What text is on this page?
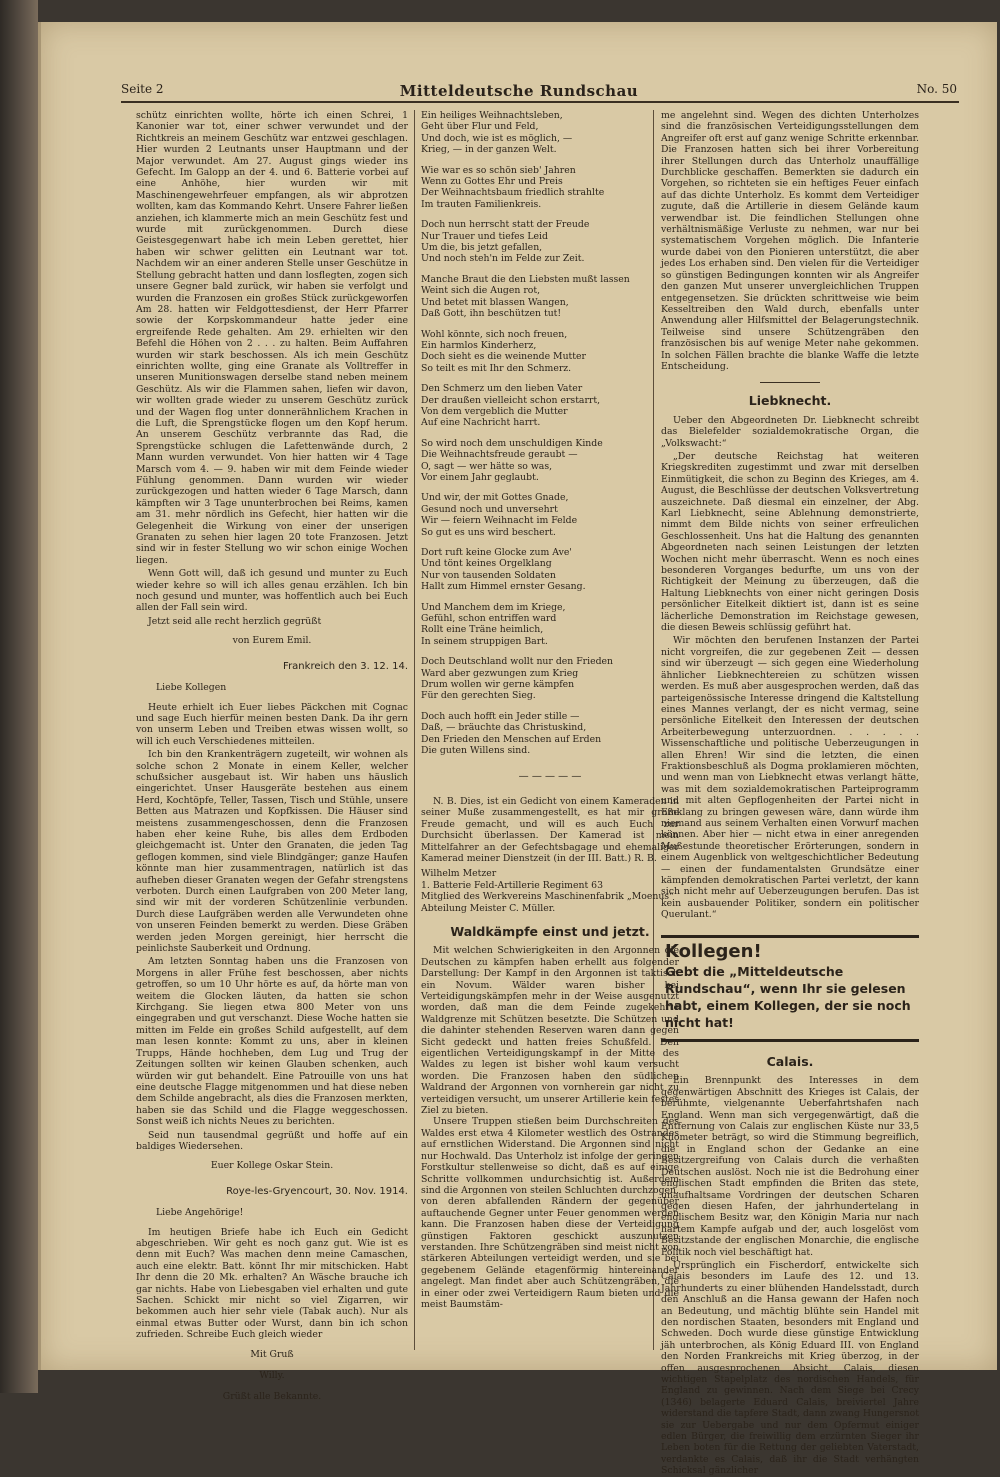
Seite 2	Mitteldeutsche Rundschau	No. 50

schütz einrichten wollte, hörte ich einen Schrei, 1 Kanonier war tot, einer schwer verwundet und der Richtkreis an meinem Geschütz war entzwei geschlagen. Hier wurden 2 Leutnants unser Hauptmann und der Major verwundet. Am 27. August gings wieder ins Gefecht. Im Galopp an der 4. und 6. Batterie vorbei auf eine Anhöhe, hier wurden wir mit Maschinengewehrfeuer empfangen, als wir abprotzen wollten, kam das Kommando Kehrt. Unsere Fahrer ließen anziehen, ich klammerte mich an mein Geschütz fest und wurde mit zurückgenommen. Durch diese Geistesgegenwart habe ich mein Leben gerettet, hier haben wir schwer gelitten ein Leutnant war tot. Nachdem wir an einer anderen Stelle unser Geschütze in Stellung gebracht hatten und dann losflegten, zogen sich unsere Gegner bald zurück, wir haben sie verfolgt und wurden die Franzosen ein großes Stück zurückgeworfen Am 28. hatten wir Feldgottesdienst, der Herr Pfarrer sowie der Korpskommandeur hatte jeder eine ergreifende Rede gehalten. Am 29. erhielten wir den Befehl die Höhen von 2 . . . zu halten. Beim Auffahren wurden wir stark beschossen. Als ich mein Geschütz einrichten wollte, ging eine Granate als Volltreffer in unseren Munitionswagen derselbe stand neben meinem Geschütz. Als wir die Flammen sahen, liefen wir davon, wir wollten grade wieder zu unserem Geschütz zurück und der Wagen flog unter donnerähnlichem Krachen in die Luft, die Sprengstücke flogen um den Kopf herum. An unserem Geschütz verbrannte das Rad, die Sprengstücke schlugen die Lafettenwände durch, 2 Mann wurden verwundet. Von hier hatten wir 4 Tage Marsch vom 4. — 9. haben wir mit dem Feinde wieder Fühlung genommen. Dann wurden wir wieder zurückgezogen und hatten wieder 6 Tage Marsch, dann kämpften wir 3 Tage ununterbrochen bei Reims, kamen am 31. mehr nördlich ins Gefecht, hier hatten wir die Gelegenheit die Wirkung von einer der unserigen Granaten zu sehen hier lagen 20 tote Franzosen. Jetzt sind wir in fester Stellung wo wir schon einige Wochen liegen.

Wenn Gott will, daß ich gesund und munter zu Euch wieder kehre so will ich alles genau erzählen. Ich bin noch gesund und munter, was hoffentlich auch bei Euch allen der Fall sein wird.

Jetzt seid alle recht herzlich gegrüßt

von Eurem Emil.
Frankreich den 3. 12. 14.
Liebe Kollegen

Heute erhielt ich Euer liebes Päckchen mit Cognac und sage Euch hierfür meinen besten Dank. Da ihr gern von unserm Leben und Treiben etwas wissen wollt, so will ich euch Verschiedenes mitteilen.

Ich bin den Krankenträgern zugeteilt, wir wohnen als solche schon 2 Monate in einem Keller, welcher schußsicher ausgebaut ist. Wir haben uns häuslich eingerichtet. Unser Hausgeräte bestehen aus einem Herd, Kochtöpfe, Teller, Tassen, Tisch und Stühle, unsere Betten aus Matrazen und Kopfkissen. Die Häuser sind meistens zusammengeschossen, denn die Franzosen haben eher keine Ruhe, bis alles dem Erdboden gleichgemacht ist. Unter den Granaten, die jeden Tag geflogen kommen, sind viele Blindgänger; ganze Haufen könnte man hier zusammentragen, natürlich ist das aufheben dieser Granaten wegen der Gefahr strengstens verboten. Durch einen Laufgraben von 200 Meter lang, sind wir mit der vorderen Schützenlinie verbunden. Durch diese Laufgräben werden alle Verwundeten ohne von unseren Feinden bemerkt zu werden. Diese Gräben werden jeden Morgen gereinigt, hier herrscht die peinlichste Sauberkeit und Ordnung.

Am letzten Sonntag haben uns die Franzosen von Morgens in aller Frühe fest beschossen, aber nichts getroffen, so um 10 Uhr hörte es auf, da hörte man von weitem die Glocken läuten, da hatten sie schon Kirchgang. Sie liegen etwa 800 Meter von uns eingegraben und gut verschanzt. Diese Woche hatten sie mitten im Felde ein großes Schild aufgestellt, auf dem man lesen konnte: Kommt zu uns, aber in kleinen Trupps, Hände hochheben, dem Lug und Trug der Zeitungen sollten wir keinen Glauben schenken, auch würden wir gut behandelt. Eine Patrouille von uns hat eine deutsche Flagge mitgenommen und hat diese neben dem Schilde angebracht, als dies die Franzosen merkten, haben sie das Schild und die Flagge weggeschossen. Sonst weiß ich nichts Neues zu berichten.

Seid nun tausendmal gegrüßt und hoffe auf ein baldiges Wiedersehen.

Euer Kollege Oskar Stein.
Roye-les-Gryencourt, 30. Nov. 1914.
Liebe Angehörige!

Im heutigen Briefe habe ich Euch ein Gedicht abgeschrieben. Wir geht es noch ganz gut. Wie ist es denn mit Euch? Was machen denn meine Camaschen, auch eine elektr. Batt. könnt Ihr mir mitschicken. Habt Ihr denn die 20 Mk. erhalten? An Wäsche brauche ich gar nichts. Habe von Liebesgaben viel erhalten und gute Sachen. Schickt mir nicht so viel Zigarren, wir bekommen auch hier sehr viele (Tabak auch). Nur als einmal etwas Butter oder Wurst, dann bin ich schon zufrieden. Schreibe Euch gleich wieder

Mit Gruß
Willy.
Grüßt alle Bekannte.

Ein heiliges Weihnachtsleben,

Geht über Flur und Feld,

Und doch, wie ist es möglich, —

Krieg, — in der ganzen Welt.

Wie war es so schön sieb' Jahren

Wenn zu Gottes Ehr und Preis

Der Weihnachtsbaum friedlich strahlte

Im trauten Familienkreis.

Doch nun herrscht statt der Freude

Nur Trauer und tiefes Leid

Um die, bis jetzt gefallen,

Und noch steh'n im Felde zur Zeit.

Manche Braut die den Liebsten mußt lassen

Weint sich die Augen rot,

Und betet mit blassen Wangen,

Daß Gott, ihn beschützen tut!

Wohl könnte, sich noch freuen,

Ein harmlos Kinderherz,

Doch sieht es die weinende Mutter

So teilt es mit Ihr den Schmerz.

Den Schmerz um den lieben Vater

Der draußen vielleicht schon erstarrt,

Von dem vergeblich die Mutter

Auf eine Nachricht harrt.

So wird noch dem unschuldigen Kinde

Die Weihnachtsfreude geraubt —

O, sagt — wer hätte so was,

Vor einem Jahr geglaubt.

Und wir, der mit Gottes Gnade,

Gesund noch und unversehrt

Wir — feiern Weihnacht im Felde

So gut es uns wird beschert.

Dort ruft keine Glocke zum Ave'

Und tönt keines Orgelklang

Nur von tausenden Soldaten

Hallt zum Himmel ernster Gesang.

Und Manchem dem im Kriege,

Gefühl, schon entriffen ward

Rollt eine Träne heimlich,

In seinem struppigen Bart.

Doch Deutschland wollt nur den Frieden

Ward aber gezwungen zum Krieg

Drum wollen wir gerne kämpfen

Für den gerechten Sieg.

Doch auch hofft ein Jeder stille —

Daß, — bräuchte das Christuskind,

Den Frieden den Menschen auf Erden

Die guten Willens sind.

— — — — —

N. B. Dies, ist ein Gedicht von einem Kameraden in seiner Muße zusammengestellt, es hat mir große Freude gemacht, und will es auch Euch zur Durchsicht überlassen. Der Kamerad ist mein Mittelfahrer an der Gefechtsbagage und ehemaliger Kamerad meiner Dienstzeit (in der III. Batt.) R. B.

Wilhelm Metzer

1. Batterie Feld-Artillerie Regiment 63

Mitglied des Werkvereins Maschinenfabrik „Moenus“ Abteilung Meister C. Müller.

Waldkämpfe einst und jetzt.

Mit welchen Schwierigkeiten in den Argonnen die Deutschen zu kämpfen haben erhellt aus folgender Darstellung: Der Kampf in den Argonnen ist taktisch ein Novum. Wälder waren bisher bei Verteidigungskämpfen mehr in der Weise ausgenutzt worden, daß man die dem Feinde zugekehrte Waldgrenze mit Schützen besetzte. Die Schützen und die dahinter stehenden Reserven waren dann gegen Sicht gedeckt und hatten freies Schußfeld. Den eigentlichen Verteidigungskampf in der Mitte des Waldes zu legen ist bisher wohl kaum versucht worden. Die Franzosen haben den südlichen Waldrand der Argonnen von vornherein gar nicht zu verteidigen versucht, um unserer Artillerie kein festes Ziel zu bieten.

Unsere Truppen stießen beim Durchschreiten des Waldes erst etwa 4 Kilometer westlich des Ostrandes auf ernstlichen Widerstand. Die Argonnen sind nicht nur Hochwald. Das Unterholz ist infolge der geringen Forstkultur stellenweise so dicht, daß es auf einige Schritte vollkommen undurchsichtig ist. Außerdem sind die Argonnen von steilen Schluchten durchzogen, von deren abfallenden Rändern der gegenüber auftauchende Gegner unter Feuer genommen werden kann. Die Franzosen haben diese der Verteidigung günstigen Faktoren geschickt auszunutzen verstanden. Ihre Schützengräben sind meist nicht von stärkeren Abteilungen verteidigt werden, und sie bei gegebenem Gelände etagenförmig hintereinander angelegt. Man findet aber auch Schützengräben, die in einer oder zwei Verteidigern Raum bieten und die meist Baumstäm-

me angelehnt sind. Wegen des dichten Unterholzes sind die französischen Verteidigungsstellungen dem Angreifer oft erst auf ganz wenige Schritte erkennbar. Die Franzosen hatten sich bei ihrer Vorbereitung ihrer Stellungen durch das Unterholz unauffällige Durchblicke geschaffen. Bemerkten sie dadurch ein Vorgehen, so richteten sie ein heftiges Feuer einfach auf das dichte Unterholz. Es kommt dem Verteidiger zugute, daß die Artillerie in diesem Gelände kaum verwendbar ist. Die feindlichen Stellungen ohne verhältnismäßige Verluste zu nehmen, war nur bei systematischem Vorgehen möglich. Die Infanterie wurde dabei von den Pionieren unterstützt, die aber jedes Los erhaben sind. Den vielen für die Verteidiger so günstigen Bedingungen konnten wir als Angreifer den ganzen Mut unserer unvergleichlichen Truppen entgegensetzen. Sie drückten schrittweise wie beim Kesseltreiben den Wald durch, ebenfalls unter Anwendung aller Hilfsmittel der Belagerungstechnik. Teilweise sind unsere Schützengräben den französischen bis auf wenige Meter nahe gekommen. In solchen Fällen brachte die blanke Waffe die letzte Entscheidung.

Liebknecht.

Ueber den Abgeordneten Dr. Liebknecht schreibt das Bielefelder sozialdemokratische Organ, die „Volkswacht:“

„Der deutsche Reichstag hat weiteren Kriegskrediten zugestimmt und zwar mit derselben Einmütigkeit, die schon zu Beginn des Krieges, am 4. August, die Beschlüsse der deutschen Volksvertretung auszeichnete. Daß diesmal ein einzelner, der Abg. Karl Liebknecht, seine Ablehnung demonstrierte, nimmt dem Bilde nichts von seiner erfreulichen Geschlossenheit. Uns hat die Haltung des genannten Abgeordneten nach seinen Leistungen der letzten Wochen nicht mehr überrascht. Wenn es noch eines besonderen Vorganges bedurfte, um uns von der Richtigkeit der Meinung zu überzeugen, daß die Haltung Liebknechts von einer nicht geringen Dosis persönlicher Eitelkeit diktiert ist, dann ist es seine lächerliche Demonstration im Reichstage gewesen, die diesen Beweis schlüssig geführt hat.

Wir möchten den berufenen Instanzen der Partei nicht vorgreifen, die zur gegebenen Zeit — dessen sind wir überzeugt — sich gegen eine Wiederholung ähnlicher Liebknechtereien zu schützen wissen werden. Es muß aber ausgesprochen werden, daß das parteigenössische Interesse dringend die Kaltstellung eines Mannes verlangt, der es nicht vermag, seine persönliche Eitelkeit den Interessen der deutschen Arbeiterbewegung unterzuordnen. . . . . . Wissenschaftliche und politische Ueberzeugungen in allen Ehren! Wir sind die letzten, die einen Fraktionsbeschluß als Dogma proklamieren möchten, und wenn man von Liebknecht etwas verlangt hätte, was mit dem sozialdemokratischen Parteiprogramm und mit alten Gepflogenheiten der Partei nicht in Einklang zu bringen gewesen wäre, dann würde ihm niemand aus seinem Verhalten einen Vorwurf machen können. Aber hier — nicht etwa in einer anregenden Mußestunde theoretischer Erörterungen, sondern in einem Augenblick von weltgeschichtlicher Bedeutung — einen der fundamentalsten Grundsätze einer kämpfenden demokratischen Partei verletzt, der kann sich nicht mehr auf Ueberzeugungen berufen. Das ist kein ausbauender Politiker, sondern ein politischer Querulant.“

Kollegen!
Gebt die „Mitteldeutsche Rundschau“, wenn Ihr sie gelesen habt, einem Kollegen, der sie noch nicht hat!
Calais.

Ein Brennpunkt des Interesses in dem gegenwärtigen Abschnitt des Krieges ist Calais, der berühmte, vielgenannte Ueberfahrtshafen nach England. Wenn man sich vergegenwärtigt, daß die Entfernung von Calais zur englischen Küste nur 33,5 Kilometer beträgt, so wird die Stimmung begreiflich, die in England schon der Gedanke an eine Besitzergreifung von Calais durch die verhaßten Deutschen auslöst. Noch nie ist die Bedrohung einer englischen Stadt empfinden die Briten das stete, unaufhaltsame Vordringen der deutschen Scharen gegen diesen Hafen, der jahrhundertelang in englischem Besitz war, den Königin Maria nur nach hartem Kampfe aufgab und der, auch losgelöst vom Besitzstande der englischen Monarchie, die englische Politik noch viel beschäftigt hat.

Ursprünglich ein Fischerdorf, entwickelte sich Calais besonders im Laufe des 12. und 13. Jahrhunderts zu einer blühenden Handelsstadt, durch den Anschluß an die Hansa gewann der Hafen noch an Bedeutung, und mächtig blühte sein Handel mit den nordischen Staaten, besonders mit England und Schweden. Doch wurde diese günstige Entwicklung jäh unterbrochen, als König Eduard III. von England den Norden Frankreichs mit Krieg überzog, in der offen ausgesprochenen Absicht, Calais, diesen wichtigen Stapelplatz des nordischen Handels, für England zu gewinnen. Nach dem Siege bei Crecy (1346) belagerte Eduard Calais, breiviertel Jahre widerstand die tapfere Stadt, dann zwang Hungersnot sie zur Uebergabe und nur dem Opfermut einiger edlen Bürger, die freiwillig dem erzürnten Sieger ihr Leben boten für die Rettung der geliebten Vaterstadt, verdankte es Calais, daß ihr die Stadt verhängten Schicksal gänzlicher
